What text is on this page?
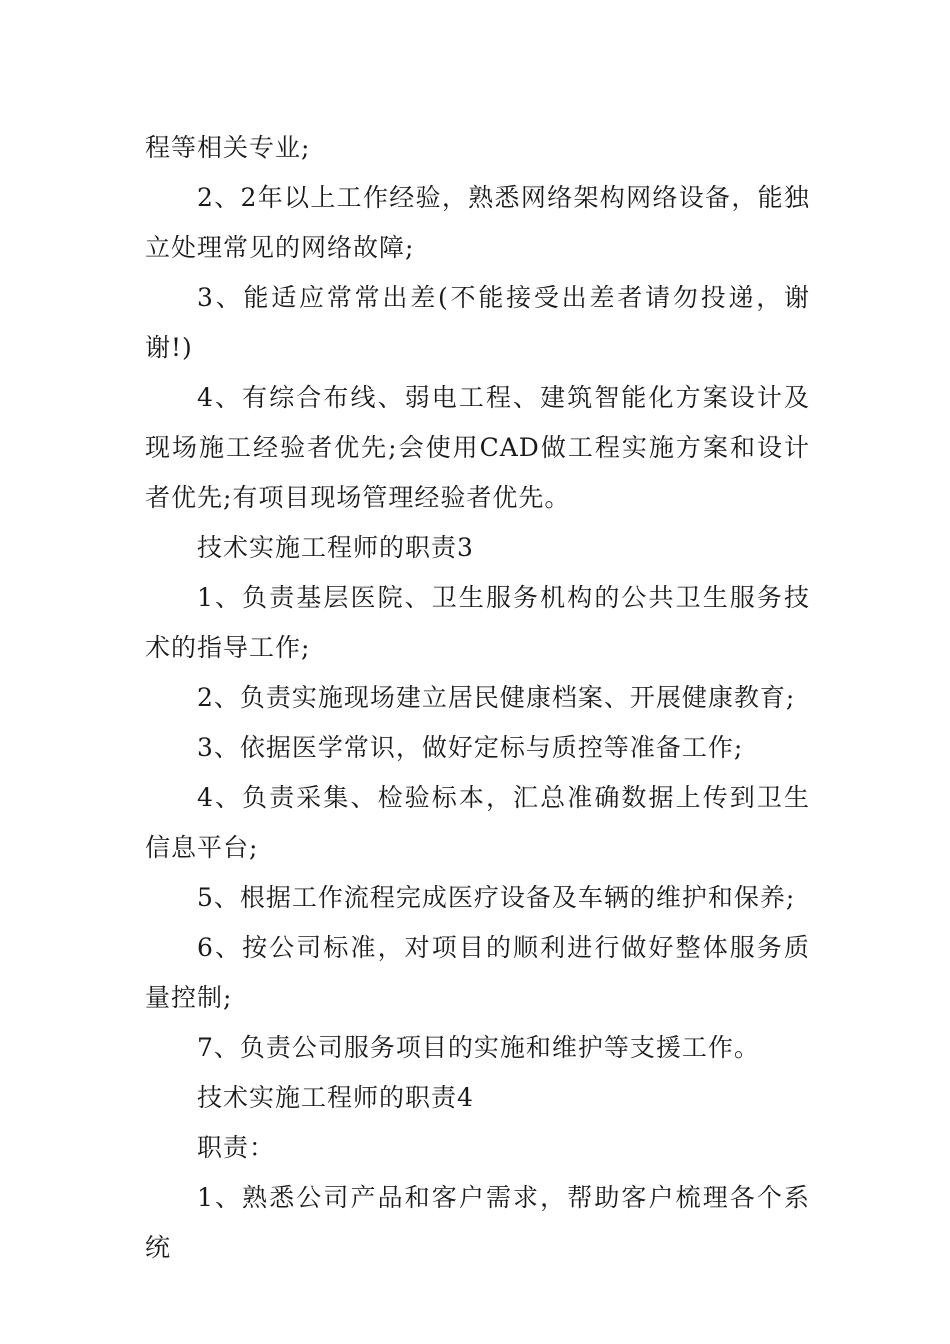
程等相关专业;

2、2年以上工作经验，熟悉网络架构网络设备，能独立处理常见的网络故障;

3、能适应常常出差(不能接受出差者请勿投递，谢谢!)

4、有综合布线、弱电工程、建筑智能化方案设计及现场施工经验者优先;会使用CAD做工程实施方案和设计者优先;有项目现场管理经验者优先。

技术实施工程师的职责3

1、负责基层医院、卫生服务机构的公共卫生服务技术的指导工作;

2、负责实施现场建立居民健康档案、开展健康教育;

3、依据医学常识，做好定标与质控等准备工作;

4、负责采集、检验标本，汇总准确数据上传到卫生信息平台;

5、根据工作流程完成医疗设备及车辆的维护和保养;

6、按公司标准，对项目的顺利进行做好整体服务质量控制;

7、负责公司服务项目的实施和维护等支援工作。

技术实施工程师的职责4

职责：

1、熟悉公司产品和客户需求，帮助客户梳理各个系统
